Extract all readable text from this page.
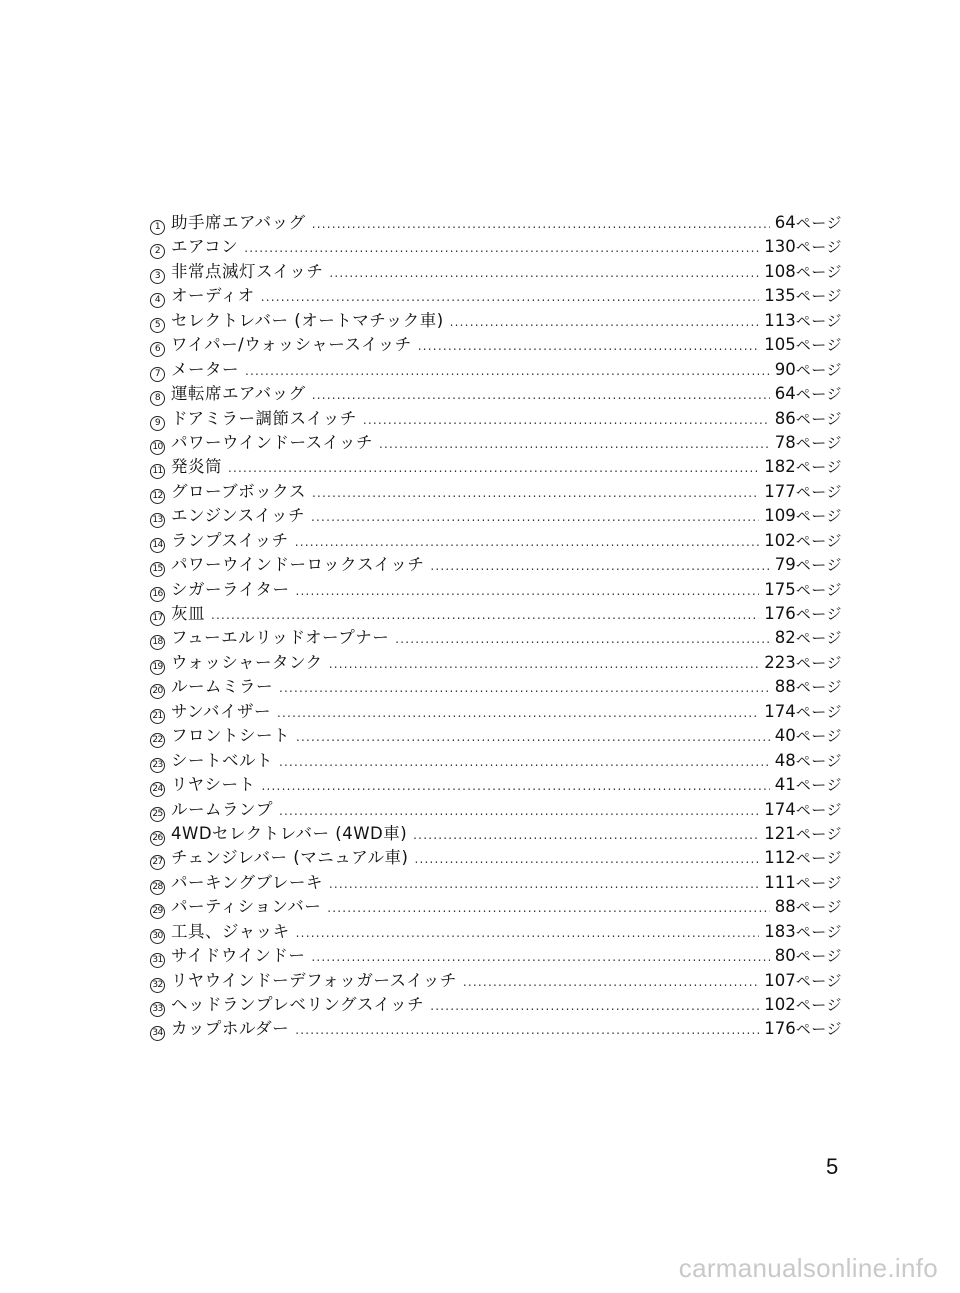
1 助手席エアバッグ .....	64ページ
2 エアコン .....	130ページ
3 非常点滅灯スイッチ .....	108ページ
4 オーディオ .....	135ページ
5 セレクトレバー (オートマチック車) .....	113ページ
6 ワイパー/ウォッシャースイッチ .....	105ページ
7 メーター .....	90ページ
8 運転席エアバッグ .....	64ページ
9 ドアミラー調節スイッチ .....	86ページ
10 パワーウインドースイッチ .....	78ページ
11 発炎筒 .....	182ページ
12 グローブボックス .....	177ページ
13 エンジンスイッチ .....	109ページ
14 ランプスイッチ .....	102ページ
15 パワーウインドーロックスイッチ .....	79ページ
16 シガーライター .....	175ページ
17 灰皿 .....	176ページ
18 フューエルリッドオープナー .....	82ページ
19 ウォッシャータンク .....	223ページ
20 ルームミラー .....	88ページ
21 サンバイザー .....	174ページ
22 フロントシート .....	40ページ
23 シートベルト .....	48ページ
24 リヤシート .....	41ページ
25 ルームランプ .....	174ページ
26 4WDセレクトレバー (4WD車) .....	121ページ
27 チェンジレバー (マニュアル車) .....	112ページ
28 パーキングブレーキ .....	111ページ
29 パーティションバー .....	88ページ
30 工具、ジャッキ .....	183ページ
31 サイドウインドー .....	80ページ
32 リヤウインドーデフォッガースイッチ .....	107ページ
33 ヘッドランプレベリングスイッチ .....	102ページ
34 カップホルダー .....	176ページ
5
carmanualsonline.info
